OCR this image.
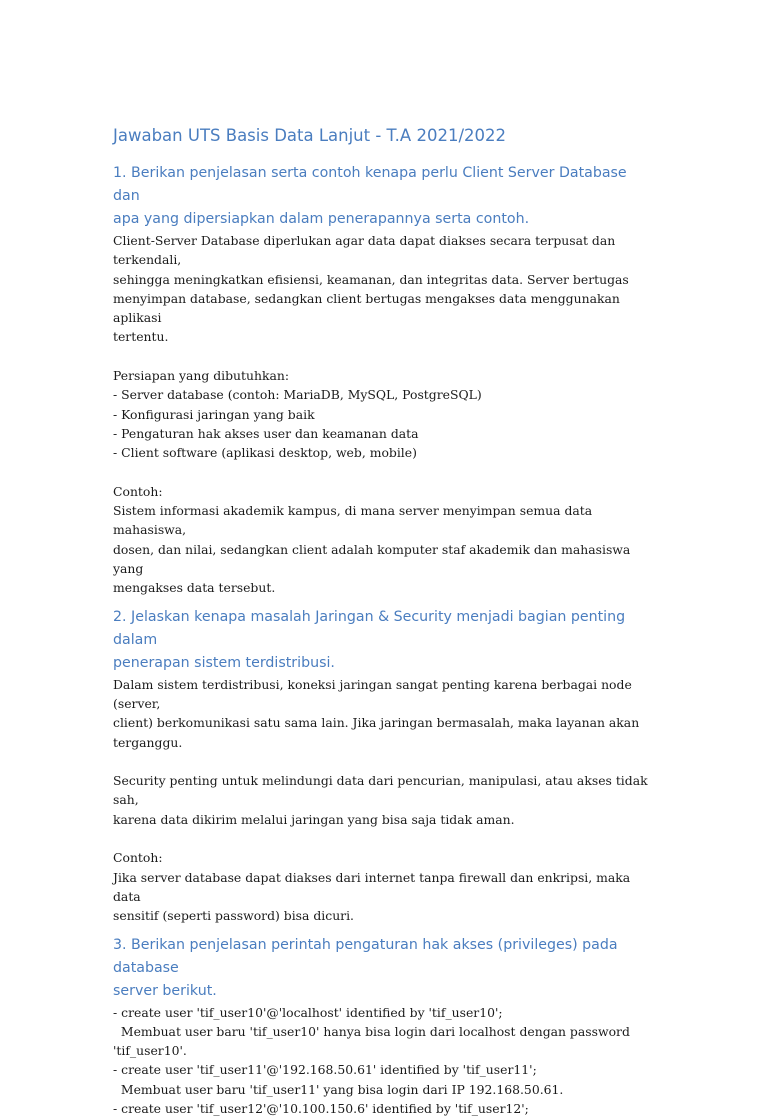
Jawaban UTS Basis Data Lanjut - T.A 2021/2022
1. Berikan penjelasan serta contoh kenapa perlu Client Server Database dan
apa yang dipersiapkan dalam penerapannya serta contoh.

Client-Server Database diperlukan agar data dapat diakses secara terpusat dan terkendali,
sehingga meningkatkan efisiensi, keamanan, dan integritas data. Server bertugas
menyimpan database, sedangkan client bertugas mengakses data menggunakan aplikasi
tertentu.

Persiapan yang dibutuhkan:
- Server database (contoh: MariaDB, MySQL, PostgreSQL)
- Konfigurasi jaringan yang baik
- Pengaturan hak akses user dan keamanan data
- Client software (aplikasi desktop, web, mobile)

Contoh:
Sistem informasi akademik kampus, di mana server menyimpan semua data mahasiswa,
dosen, dan nilai, sedangkan client adalah komputer staf akademik dan mahasiswa yang
mengakses data tersebut.

2. Jelaskan kenapa masalah Jaringan & Security menjadi bagian penting dalam
penerapan sistem terdistribusi.

Dalam sistem terdistribusi, koneksi jaringan sangat penting karena berbagai node (server,
client) berkomunikasi satu sama lain. Jika jaringan bermasalah, maka layanan akan
terganggu.

Security penting untuk melindungi data dari pencurian, manipulasi, atau akses tidak sah,
karena data dikirim melalui jaringan yang bisa saja tidak aman.

Contoh:
Jika server database dapat diakses dari internet tanpa firewall dan enkripsi, maka data
sensitif (seperti password) bisa dicuri.

3. Berikan penjelasan perintah pengaturan hak akses (privileges) pada database
server berikut.

- create user 'tif_user10'@'localhost' identified by 'tif_user10';

Membuat user baru 'tif_user10' hanya bisa login dari localhost dengan password

'tif_user10'.

- create user 'tif_user11'@'192.168.50.61' identified by 'tif_user11';

Membuat user baru 'tif_user11' yang bisa login dari IP 192.168.50.61.

- create user 'tif_user12'@'10.100.150.6' identified by 'tif_user12';
